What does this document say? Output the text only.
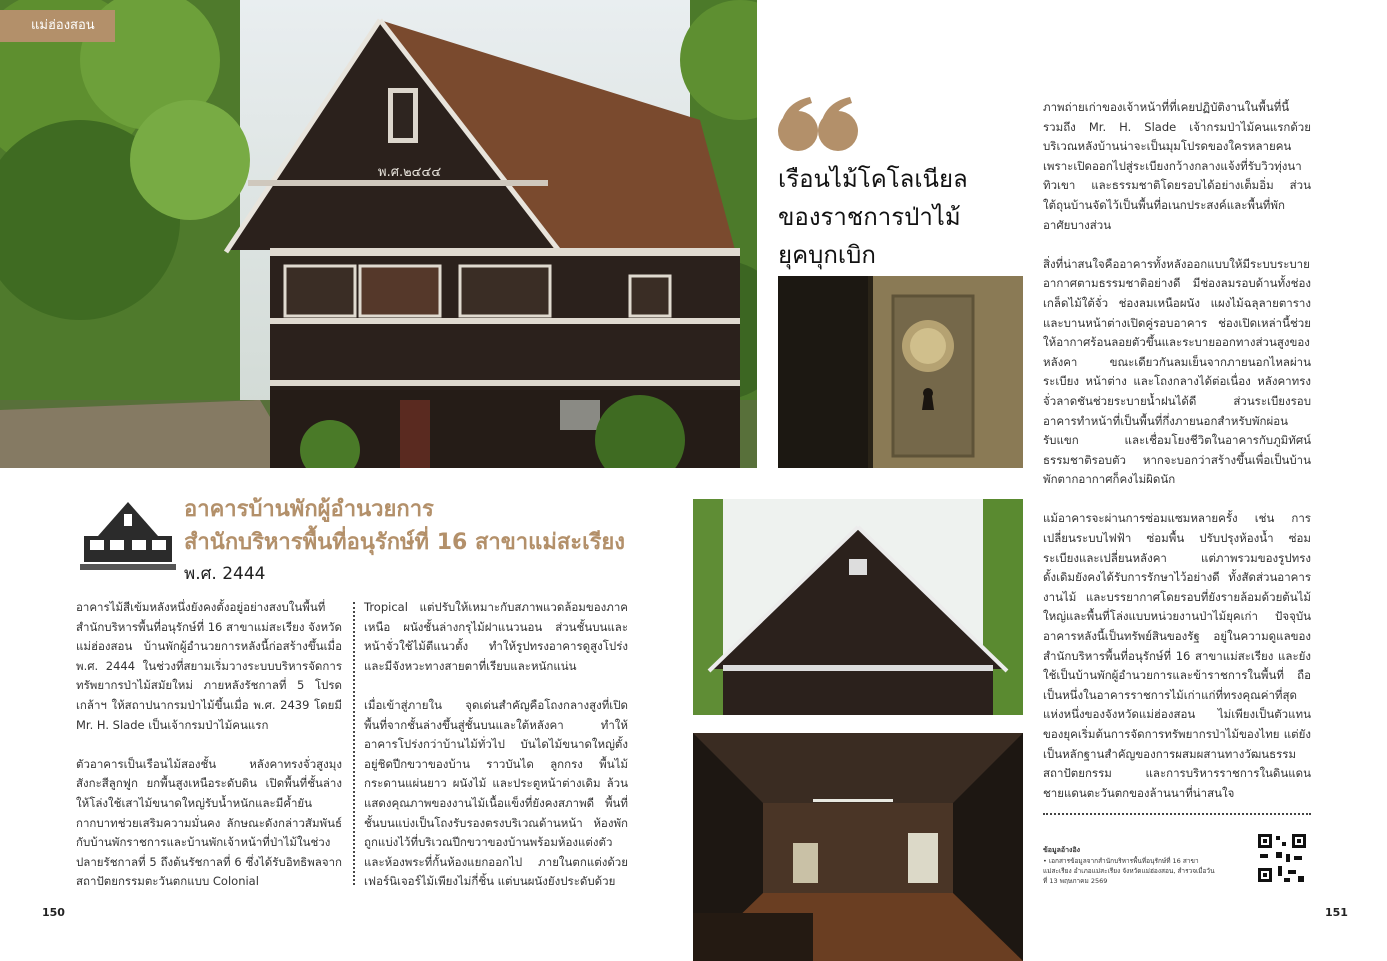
พ.ศ.๒๔๔๔
แม่ฮ่องสอน
อาคารบ้านพักผู้อำนวยการ
สำนักบริหารพื้นที่อนุรักษ์ที่ 16 สาขาแม่สะเรียง
พ.ศ. 2444

อาคารไม้สีเข้มหลังหนึ่งยังคงตั้งอยู่อย่างสงบในพื้นที่สำนักบริหารพื้นที่อนุรักษ์ที่ 16 สาขาแม่สะเรียง จังหวัดแม่ฮ่องสอน บ้านพักผู้อำนวยการหลังนี้ก่อสร้างขึ้นเมื่อ พ.ศ. 2444 ในช่วงที่สยามเริ่มวางระบบบริหารจัดการทรัพยากรป่าไม้สมัยใหม่ ภายหลังรัชกาลที่ 5 โปรดเกล้าฯ ให้สถาปนากรมป่าไม้ขึ้นเมื่อ พ.ศ. 2439 โดยมี Mr. H. Slade เป็นเจ้ากรมป่าไม้คนแรก

ตัวอาคารเป็นเรือนไม้สองชั้น หลังคาทรงจั่วสูงมุงสังกะสีลูกฟูก ยกพื้นสูงเหนือระดับดิน เปิดพื้นที่ชั้นล่างให้โล่งใช้เสาไม้ขนาดใหญ่รับน้ำหนักและมีค้ำยันกากบาทช่วยเสริมความมั่นคง ลักษณะดังกล่าวสัมพันธ์กับบ้านพักราชการและบ้านพักเจ้าหน้าที่ป่าไม้ในช่วงปลายรัชกาลที่ 5 ถึงต้นรัชกาลที่ 6 ซึ่งได้รับอิทธิพลจากสถาปัตยกรรมตะวันตกแบบ Colonial

Tropical แต่ปรับให้เหมาะกับสภาพแวดล้อมของภาคเหนือ ผนังชั้นล่างกรุไม้ฝาแนวนอน ส่วนชั้นบนและหน้าจั่วใช้ไม้ตีแนวตั้ง ทำให้รูปทรงอาคารดูสูงโปร่งและมีจังหวะทางสายตาที่เรียบและหนักแน่น

เมื่อเข้าสู่ภายใน จุดเด่นสำคัญคือโถงกลางสูงที่เปิดพื้นที่จากชั้นล่างขึ้นสู่ชั้นบนและใต้หลังคา ทำให้อาคารโปร่งกว่าบ้านไม้ทั่วไป บันไดไม้ขนาดใหญ่ตั้งอยู่ชิดปีกขวาของบ้าน ราวบันได ลูกกรง พื้นไม้กระดานแผ่นยาว ผนังไม้ และประตูหน้าต่างเดิม ล้วนแสดงคุณภาพของงานไม้เนื้อแข็งที่ยังคงสภาพดี พื้นที่ชั้นบนแบ่งเป็นโถงรับรองตรงบริเวณด้านหน้า ห้องพักถูกแบ่งไว้ที่บริเวณปีกขวาของบ้านพร้อมห้องแต่งตัวและห้องพระที่กั้นห้องแยกออกไป ภายในตกแต่งด้วยเฟอร์นิเจอร์ไม้เพียงไม่กี่ชิ้น แต่บนผนังยังประดับด้วย

150
เรือนไม้โคโลเนียล
ของราชการป่าไม้
ยุคบุกเบิก

ภาพถ่ายเก่าของเจ้าหน้าที่ที่เคยปฏิบัติงานในพื้นที่นี้ รวมถึง Mr. H. Slade เจ้ากรมป่าไม้คนแรกด้วย บริเวณหลังบ้านน่าจะเป็นมุมโปรดของใครหลายคน เพราะเปิดออกไปสู่ระเบียงกว้างกลางแจ้งที่รับวิวทุ่งนาทิวเขา และธรรมชาติโดยรอบได้อย่างเต็มอิ่ม ส่วนใต้ถุนบ้านจัดไว้เป็นพื้นที่อเนกประสงค์และพื้นที่พักอาศัยบางส่วน

สิ่งที่น่าสนใจคืออาคารทั้งหลังออกแบบให้มีระบบระบายอากาศตามธรรมชาติอย่างดี มีช่องลมรอบด้านทั้งช่องเกล็ดไม้ใต้จั่ว ช่องลมเหนือผนัง แผงไม้ฉลุลายตาราง และบานหน้าต่างเปิดคู่รอบอาคาร ช่องเปิดเหล่านี้ช่วยให้อากาศร้อนลอยตัวขึ้นและระบายออกทางส่วนสูงของหลังคา ขณะเดียวกันลมเย็นจากภายนอกไหลผ่านระเบียง หน้าต่าง และโถงกลางได้ต่อเนื่อง หลังคาทรงจั่วลาดชันช่วยระบายน้ำฝนได้ดี ส่วนระเบียงรอบอาคารทำหน้าที่เป็นพื้นที่กึ่งภายนอกสำหรับพักผ่อน รับแขก และเชื่อมโยงชีวิตในอาคารกับภูมิทัศน์ธรรมชาติรอบตัว หากจะบอกว่าสร้างขึ้นเพื่อเป็นบ้านพักตากอากาศก็คงไม่ผิดนัก

แม้อาคารจะผ่านการซ่อมแซมหลายครั้ง เช่น การเปลี่ยนระบบไฟฟ้า ซ่อมพื้น ปรับปรุงห้องน้ำ ซ่อมระเบียงและเปลี่ยนหลังคา แต่ภาพรวมของรูปทรงดั้งเดิมยังคงได้รับการรักษาไว้อย่างดี ทั้งสัดส่วนอาคาร งานไม้ และบรรยากาศโดยรอบที่ยังรายล้อมด้วยต้นไม้ใหญ่และพื้นที่โล่งแบบหน่วยงานป่าไม้ยุคเก่า ปัจจุบันอาคารหลังนี้เป็นทรัพย์สินของรัฐ อยู่ในความดูแลของสำนักบริหารพื้นที่อนุรักษ์ที่ 16 สาขาแม่สะเรียง และยังใช้เป็นบ้านพักผู้อำนวยการและข้าราชการในพื้นที่ ถือเป็นหนึ่งในอาคารราชการไม้เก่าแก่ที่ทรงคุณค่าที่สุดแห่งหนึ่งของจังหวัดแม่ฮ่องสอน ไม่เพียงเป็นตัวแทนของยุคเริ่มต้นการจัดการทรัพยากรป่าไม้ของไทย แต่ยังเป็นหลักฐานสำคัญของการผสมผสานทางวัฒนธรรม สถาปัตยกรรม และการบริหารราชการในดินแดนชายแดนตะวันตกของล้านนาที่น่าสนใจ

ข้อมูลอ้างอิง
• เอกสารข้อมูลจากสำนักบริหารพื้นที่อนุรักษ์ที่ 16 สาขาแม่สะเรียง อำเภอแม่สะเรียง จังหวัดแม่ฮ่องสอน, สำรวจเมื่อวันที่ 13 พฤษภาคม 2569
151
